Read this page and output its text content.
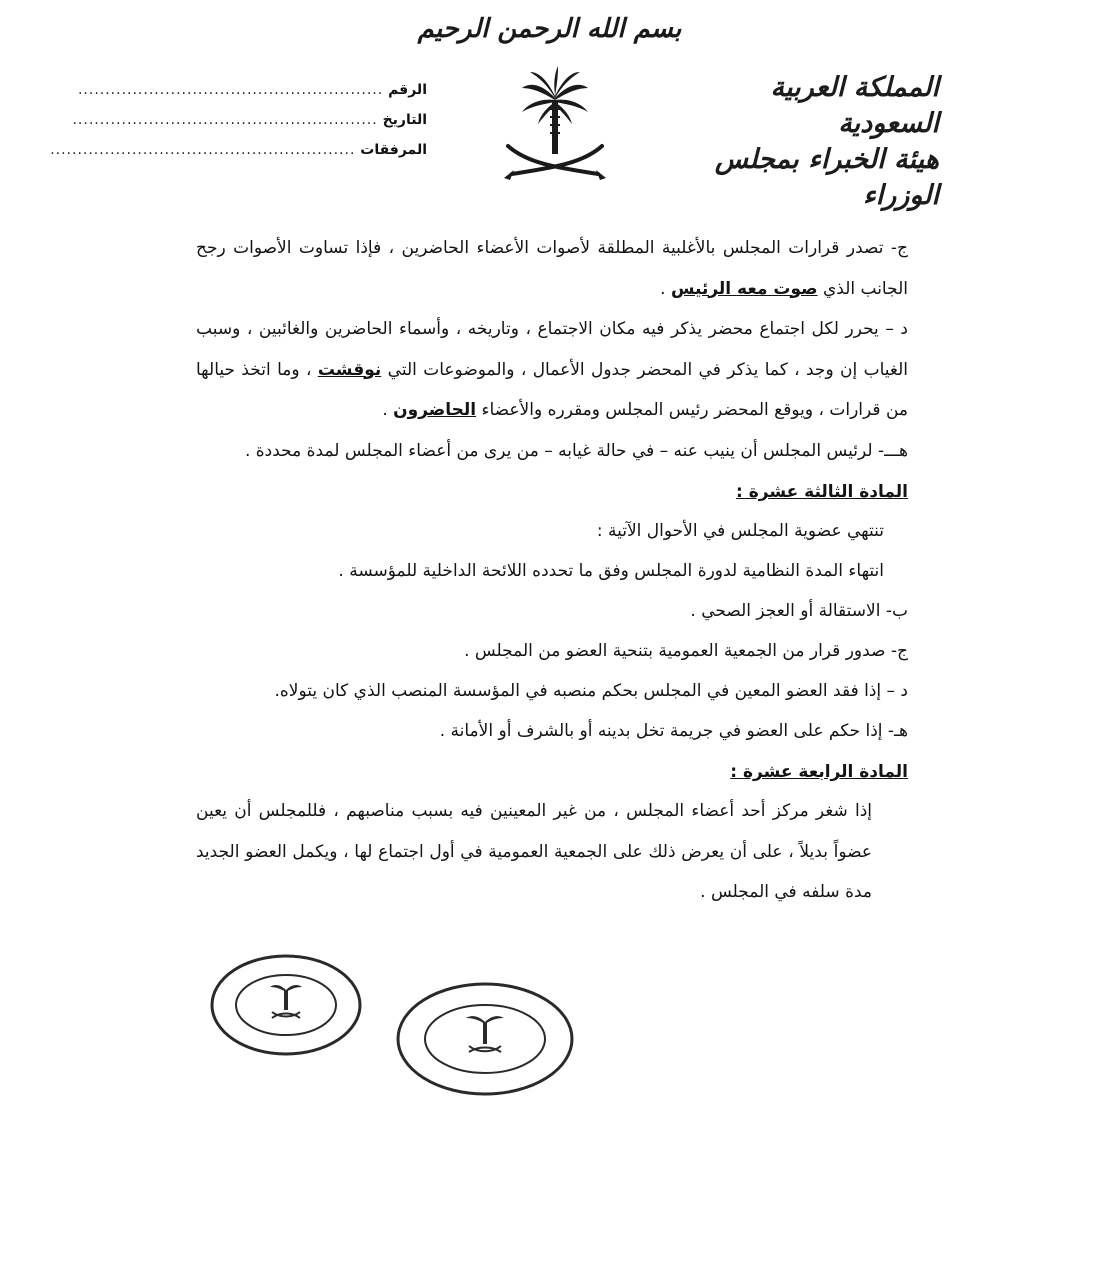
بسم الله الرحمن الرحيم
المملكة العربية السعودية
هيئة الخبراء بمجلس الوزراء
الرقم ........................................................
التاريخ ........................................................
المرفقات ........................................................

ج- تصدر قرارات المجلس بالأغلبية المطلقة لأصوات الأعضاء الحاضرين ، فإذا تساوت الأصوات رجح الجانب الذي صوت معه الرئيس .

د – يحرر لكل اجتماع محضر يذكر فيه مكان الاجتماع ، وتاريخه ، وأسماء الحاضرين والغائبين ، وسبب الغياب إن وجد ، كما يذكر في المحضر جدول الأعمال ، والموضوعات التي نوقشت ، وما اتخذ حيالها من قرارات ، ويوقع المحضر رئيس المجلس ومقرره والأعضاء الحاضرون .

هـــ- لرئيس المجلس أن ينيب عنه – في حالة غيابه – من يرى من أعضاء المجلس لمدة محددة .

المادة الثالثة عشرة :

تنتهي عضوية المجلس في الأحوال الآتية :

انتهاء المدة النظامية لدورة المجلس وفق ما تحدده اللائحة الداخلية للمؤسسة .

ب- الاستقالة أو العجز الصحي .

ج- صدور قرار من الجمعية العمومية بتنحية العضو من المجلس .

د – إذا فقد العضو المعين في المجلس بحكم منصبه في المؤسسة المنصب الذي كان يتولاه.

هـ- إذا حكم على العضو في جريمة تخل بدينه أو بالشرف أو الأمانة .

المادة الرابعة عشرة :

إذا شغر مركز أحد أعضاء المجلس ، من غير المعينين فيه بسبب مناصبهم ، فللمجلس أن يعين عضواً بديلاً ، على أن يعرض ذلك على الجمعية العمومية في أول اجتماع لها ، ويكمل العضو الجديد مدة سلفه في المجلس .
